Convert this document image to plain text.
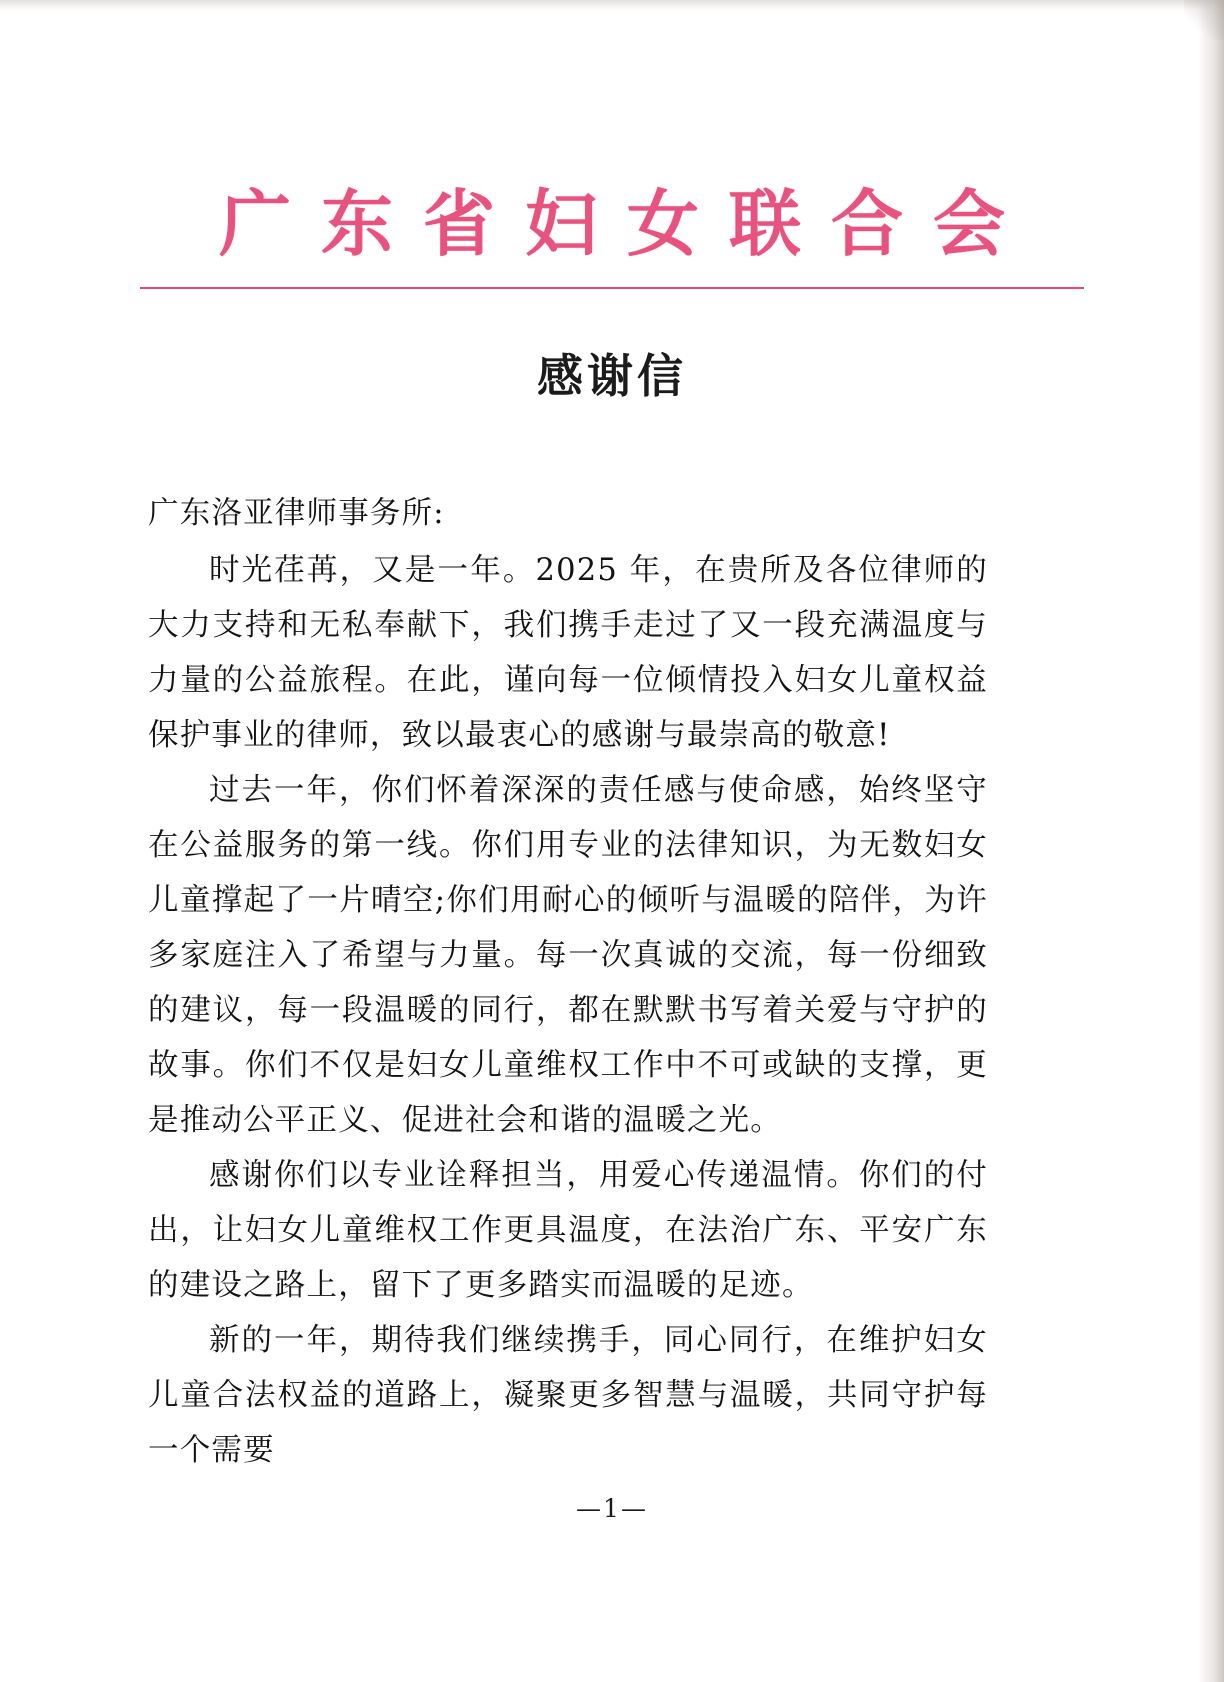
广东省妇女联合会
感谢信

广东洛亚律师事务所:

时光荏苒，又是一年。2025 年，在贵所及各位律师的大力支持和无私奉献下，我们携手走过了又一段充满温度与力量的公益旅程。在此，谨向每一位倾情投入妇女儿童权益保护事业的律师，致以最衷心的感谢与最崇高的敬意!

过去一年，你们怀着深深的责任感与使命感，始终坚守在公益服务的第一线。你们用专业的法律知识，为无数妇女儿童撑起了一片晴空;你们用耐心的倾听与温暖的陪伴，为许多家庭注入了希望与力量。每一次真诚的交流，每一份细致的建议，每一段温暖的同行，都在默默书写着关爱与守护的故事。你们不仅是妇女儿童维权工作中不可或缺的支撑，更是推动公平正义、促进社会和谐的温暖之光。

感谢你们以专业诠释担当，用爱心传递温情。你们的付出，让妇女儿童维权工作更具温度，在法治广东、平安广东的建设之路上，留下了更多踏实而温暖的足迹。

新的一年，期待我们继续携手，同心同行，在维护妇女儿童合法权益的道路上，凝聚更多智慧与温暖，共同守护每一个需要

—1—
